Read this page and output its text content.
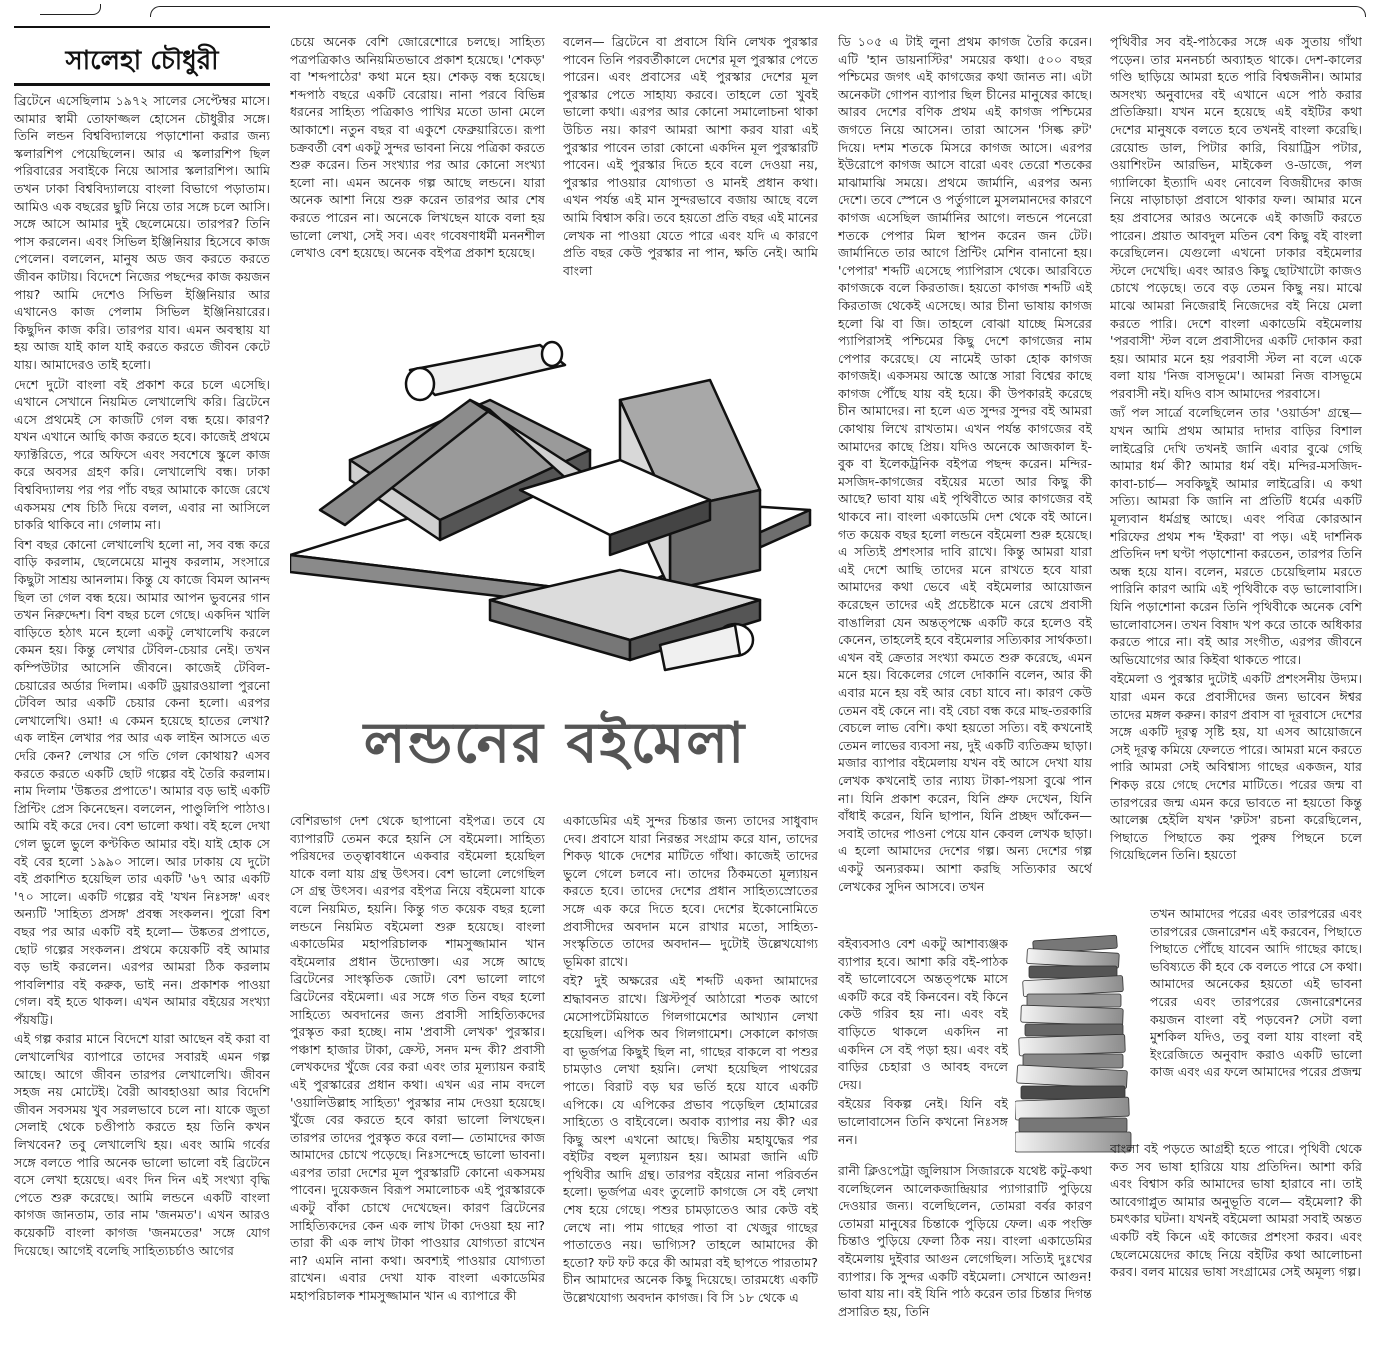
সালেহা চৌধুরী

ব্রিটেনে এসেছিলাম ১৯৭২ সালের সেপ্টেম্বর মাসে। আমার স্বামী তোফাজ্জল হোসেন চৌধুরীর সঙ্গে। তিনি লন্ডন বিশ্ববিদ্যালয়ে পড়াশোনা করার জন্য স্কলারশিপ পেয়েছিলেন। আর এ স্কলারশিপ ছিল পরিবারের সবাইকে নিয়ে আসার স্কলারশিপ। আমি তখন ঢাকা বিশ্ববিদ্যালয়ে বাংলা বিভাগে পড়াতাম। আমিও এক বছরের ছুটি নিয়ে তার সঙ্গে চলে আসি। সঙ্গে আসে আমার দুই ছেলেমেয়ে। তারপর? তিনি পাস করলেন। এবং সিভিল ইঞ্জিনিয়ার হিসেবে কাজ পেলেন। বললেন, মানুষ অড জব করতে করতে জীবন কাটায়। বিদেশে নিজের পছন্দের কাজ কয়জন পায়? আমি দেশেও সিভিল ইঞ্জিনিয়ার আর এখানেও কাজ পেলাম সিভিল ইঞ্জিনিয়ারের। কিছুদিন কাজ করি। তারপর যাব। এমন অবস্থায় যা হয় আজ যাই কাল যাই করতে করতে জীবন কেটে যায়। আমাদেরও তাই হলো।

দেশে দুটো বাংলা বই প্রকাশ করে চলে এসেছি। এখানে সেখানে নিয়মিত লেখালেখি করি। ব্রিটেনে এসে প্রথমেই সে কাজটি গেল বন্ধ হয়ে। কারণ? যখন এখানে আছি কাজ করতে হবে। কাজেই প্রথমে ফ্যাক্টরিতে, পরে অফিসে এবং সবশেষে স্কুলে কাজ করে অবসর গ্রহণ করি। লেখালেখি বন্ধ। ঢাকা বিশ্ববিদ্যালয় পর পর পাঁচ বছর আমাকে কাজে রেখে একসময় শেষ চিঠি দিয়ে বলল, এবার না আসিলে চাকরি থাকিবে না। গেলাম না।

বিশ বছর কোনো লেখালেখি হলো না, সব বন্ধ করে বাড়ি করলাম, ছেলেমেয়ে মানুষ করলাম, সংসারে কিছুটা সাশ্রয় আনলাম। কিন্তু যে কাজে বিমল আনন্দ ছিল তা গেল বন্ধ হয়ে। আমার আপন ভুবনের গান তখন নিরুদ্দেশ। বিশ বছর চলে গেছে। একদিন খালি বাড়িতে হঠাৎ মনে হলো একটু লেখালেখি করলে কেমন হয়। কিন্তু লেখার টেবিল-চেয়ার নেই। তখন কম্পিউটার আসেনি জীবনে। কাজেই টেবিল-চেয়ারের অর্ডার দিলাম। একটি ড্রয়ারওয়ালা পুরনো টেবিল আর একটি চেয়ার কেনা হলো। এরপর লেখালেখি। ওমা! এ কেমন হয়েছে হাতের লেখা? এক লাইন লেখার পর আর এক লাইন আসতে এত দেরি কেন? লেখার সে গতি গেল কোথায়? এসব করতে করতে একটি ছোট গল্পের বই তৈরি করলাম। নাম দিলাম 'উঙ্কতর প্রপাতে'। আমার বড় ভাই একটি প্রিন্টিং প্রেস কিনেছেন। বললেন, পাণ্ডুলিপি পাঠাও। আমি বই করে দেব। বেশ ভালো কথা। বই হলে দেখা গেল ভুলে ভুলে কণ্টকিত আমার বই। যাই হোক সে বই বের হলো ১৯৯০ সালে। আর ঢাকায় যে দুটো বই প্রকাশিত হয়েছিল তার একটি '৬৭ আর একটি '৭০ সালে। একটি গল্পের বই 'যখন নিঃসঙ্গ' এবং অন্যটি 'সাহিত্য প্রসঙ্গ' প্রবন্ধ সংকলন। পুরো বিশ বছর পর আর একটি বই হলো— উঙ্কতর প্রপাতে, ছোট গল্পের সংকলন। প্রথমে কয়েকটি বই আমার বড় ভাই করলেন। এরপর আমরা ঠিক করলাম পাবলিশার বই করুক, ভাই নন। প্রকাশক পাওয়া গেল। বই হতে থাকল। এখন আমার বইয়ের সংখ্যা পঁয়ষট্টি।

এই গল্প করার মানে বিদেশে যারা আছেন বই করা বা লেখালেখির ব্যাপারে তাদের সবারই এমন গল্প আছে। আগে জীবন তারপর লেখালেখি। জীবন সহজ নয় মোটেই। বৈরী আবহাওয়া আর বিদেশি জীবন সবসময় খুব সরলভাবে চলে না। যাকে জুতা সেলাই থেকে চণ্ডীপাঠ করতে হয় তিনি কখন লিখবেন? তবু লেখালেখি হয়। এবং আমি গর্বের সঙ্গে বলতে পারি অনেক ভালো ভালো বই ব্রিটেনে বসে লেখা হয়েছে। এবং দিন দিন এই সংখ্যা বৃদ্ধি পেতে শুরু করেছে। আমি লন্ডনে একটি বাংলা কাগজ জানতাম, তার নাম 'জনমত'। এখন আরও কয়েকটি বাংলা কাগজ 'জনমতের' সঙ্গে যোগ দিয়েছে। আগেই বলেছি সাহিত্যচর্চাও আগের

চেয়ে অনেক বেশি জোরেশোরে চলছে। সাহিত্য পত্রপত্রিকাও অনিয়মিতভাবে প্রকাশ হয়েছে। 'শেকড়' বা 'শব্দপাঠের' কথা মনে হয়। শেকড় বন্ধ হয়েছে। শব্দপাঠ বছরে একটি বেরোয়। নানা পরবে বিভিন্ন ধরনের সাহিত্য পত্রিকাও পাখির মতো ডানা মেলে আকাশে। নতুন বছর বা একুশে ফেব্রুয়ারিতে। রূপা চক্রবর্তী বেশ একটু সুন্দর ভাবনা নিয়ে পত্রিকা করতে শুরু করেন। তিন সংখ্যার পর আর কোনো সংখ্যা হলো না। এমন অনেক গল্প আছে লন্ডনে। যারা অনেক আশা নিয়ে শুরু করেন তারপর আর শেষ করতে পারেন না। অনেকে লিখছেন যাকে বলা হয় ভালো লেখা, সেই সব। এবং গবেষণাধর্মী মননশীল লেখাও বেশ হয়েছে। অনেক বইপত্র প্রকাশ হয়েছে।

বলেন— ব্রিটেনে বা প্রবাসে যিনি লেখক পুরস্কার পাবেন তিনি পরবর্তীকালে দেশের মূল পুরস্কার পেতে পারেন। এবং প্রবাসের এই পুরস্কার দেশের মূল পুরস্কার পেতে সাহায্য করবে। তাহলে তো খুবই ভালো কথা। এরপর আর কোনো সমালোচনা থাকা উচিত নয়। কারণ আমরা আশা করব যারা এই পুরস্কার পাবেন তারা কোনো একদিন মূল পুরস্কারটি পাবেন। এই পুরস্কার দিতে হবে বলে দেওয়া নয়, পুরস্কার পাওয়ার যোগ্যতা ও মানই প্রধান কথা। এখন পর্যন্ত এই মান সুন্দরভাবে বজায় আছে বলে আমি বিশ্বাস করি। তবে হয়তো প্রতি বছর এই মানের লেখক না পাওয়া যেতে পারে এবং যদি এ কারণে প্রতি বছর কেউ পুরস্কার না পান, ক্ষতি নেই। আমি বাংলা

লন্ডনের বইমেলা

বেশিরভাগ দেশ থেকে ছাপানো বইপত্র। তবে যে ব্যাপারটি তেমন করে হয়নি সে বইমেলা। সাহিত্য পরিষদের তত্ত্বাবধানে একবার বইমেলা হয়েছিল যাকে বলা যায় গ্রন্থ উৎসব। বেশ ভালো লেগেছিল সে গ্রন্থ উৎসব। এরপর বইপত্র নিয়ে বইমেলা যাকে বলে নিয়মিত, হয়নি। কিন্তু গত কয়েক বছর হলো লন্ডনে নিয়মিত বইমেলা শুরু হয়েছে। বাংলা একাডেমির মহাপরিচালক শামসুজ্জামান খান বইমেলার প্রধান উদ্যোক্তা। এর সঙ্গে আছে ব্রিটেনের সাংস্কৃতিক জোট। বেশ ভালো লাগে ব্রিটেনের বইমেলা। এর সঙ্গে গত তিন বছর হলো সাহিত্যে অবদানের জন্য প্রবাসী সাহিত্যিকদের পুরস্কৃত করা হচ্ছে। নাম 'প্রবাসী লেখক' পুরস্কার। পঞ্চাশ হাজার টাকা, ক্রেস্ট, সনদ মন্দ কী? প্রবাসী লেখকদের খুঁজে বের করা এবং তার মূল্যায়ন করাই এই পুরস্কারের প্রধান কথা। এখন এর নাম বদলে 'ওয়ালিউল্লাহ সাহিত্য' পুরস্কার নাম দেওয়া হয়েছে। খুঁজে বের করতে হবে কারা ভালো লিখছেন। তারপর তাদের পুরস্কৃত করে বলা— তোমাদের কাজ আমাদের চোখে পড়েছে। নিঃসন্দেহে ভালো ভাবনা। এরপর তারা দেশের মূল পুরস্কারটি কোনো একসময় পাবেন। দুয়েকজন বিরূপ সমালোচক এই পুরস্কারকে একটু বাঁকা চোখে দেখেছেন। কারণ ব্রিটেনের সাহিত্যিকদের কেন এক লাখ টাকা দেওয়া হয় না? তারা কী এক লাখ টাকা পাওয়ার যোগ্যতা রাখেন না? এমনি নানা কথা। অবশ্যই পাওয়ার যোগ্যতা রাখেন। এবার দেখা যাক বাংলা একাডেমির মহাপরিচালক শামসুজ্জামান খান এ ব্যাপারে কী

একাডেমির এই সুন্দর চিন্তার জন্য তাদের সাধুবাদ দেব। প্রবাসে যারা নিরন্তর সংগ্রাম করে যান, তাদের শিকড় থাকে দেশের মাটিতে গাঁথা। কাজেই তাদের ভুলে গেলে চলবে না। তাদের ঠিকমতো মূল্যায়ন করতে হবে। তাদের দেশের প্রধান সাহিত্যস্রোতের সঙ্গে এক করে দিতে হবে। দেশের ইকোনোমিতে প্রবাসীদের অবদান মনে রাখার মতো, সাহিত্য-সংস্কৃতিতে তাদের অবদান— দুটোই উল্লেখযোগ্য ভূমিকা রাখে।

বই? দুই অক্ষরের এই শব্দটি একদা আমাদের শ্রদ্ধাবনত রাখে। খ্রিস্টপূর্ব আঠারো শতক আগে মেসোপটেমিয়াতে গিলগামেশের আখ্যান লেখা হয়েছিল। এপিক অব গিলগামেশ। সেকালে কাগজ বা ভূর্জপত্র কিছুই ছিল না, গাছের বাকলে বা পশুর চামড়াও লেখা হয়নি। লেখা হয়েছিল পাথরের পাতে। বিরাট বড় ঘর ভর্তি হয়ে যাবে একটি এপিকে। যে এপিকের প্রভাব পড়েছিল হোমারের সাহিত্যে ও বাইবেলে। অবাক ব্যাপার নয় কী? এর কিছু অংশ এখনো আছে। দ্বিতীয় মহাযুদ্ধের পর বইটির বহুল মূল্যায়ন হয়। আমরা জানি এটি পৃথিবীর আদি গ্রন্থ। তারপর বইয়ের নানা পরিবর্তন হলো। ভূর্জপত্র এবং তুলোট কাগজে সে বই লেখা শেষ হয়ে গেছে। পশুর চামড়াতেও আর কেউ বই লেখে না। পাম গাছের পাতা বা খেজুর গাছের পাতাতেও নয়। ভাগ্যিস? তাহলে আমাদের কী হতো? ফট ফট করে কী আমরা বই ছাপতে পারতাম? চীন আমাদের অনেক কিছু দিয়েছে। তারমধ্যে একটি উল্লেখযোগ্য অবদান কাগজ। বি সি ১৮ থেকে এ

ডি ১০৫ এ টাই লুনা প্রথম কাগজ তৈরি করেন। এটি 'হান ডায়নাস্টির' সময়ের কথা। ৫০০ বছর পশ্চিমের জগৎ এই কাগজের কথা জানত না। এটা অনেকটা গোপন ব্যাপার ছিল চীনের মানুষের কাছে। আরব দেশের বণিক প্রথম এই কাগজ পশ্চিমের জগতে নিয়ে আসেন। তারা আসেন 'সিল্ক রুট' দিয়ে। দশম শতকে মিসরে কাগজ আসে। এরপর ইউরোপে কাগজ আসে বারো এবং তেরো শতকের মাঝামাঝি সময়ে। প্রথমে জার্মানি, এরপর অন্য দেশে। তবে স্পেনে ও পর্তুগালে মুসলমানদের কারণে কাগজ এসেছিল জার্মানির আগে। লন্ডনে পনেরো শতকে পেপার মিল স্থাপন করেন জন টেট। জার্মানিতে তার আগে প্রিন্টিং মেশিন বানানো হয়। 'পেপার' শব্দটি এসেছে প্যাপিরাস থেকে। আরবিতে কাগজকে বলে কিরতাজ। হয়তো কাগজ শব্দটি এই কিরতাজ থেকেই এসেছে। আর চীনা ভাষায় কাগজ হলো ঝি বা জি। তাহলে বোঝা যাচ্ছে মিসরের প্যাপিরাসই পশ্চিমের কিছু দেশে কাগজের নাম পেপার করেছে। যে নামেই ডাকা হোক কাগজ কাগজই। একসময় আস্তে আস্তে সারা বিশ্বের কাছে কাগজ পৌঁছে যায় বই হয়ে। কী উপকারই করেছে চীন আমাদের। না হলে এত সুন্দর সুন্দর বই আমরা কোথায় লিখে রাখতাম। এখন পর্যন্ত কাগজের বই আমাদের কাছে প্রিয়। যদিও অনেকে আজকাল ই-বুক বা ইলেকট্রনিক বইপত্র পছন্দ করেন। মন্দির-মসজিদ-কাগজের বইয়ের মতো আর কিছু কী আছে? ভাবা যায় এই পৃথিবীতে আর কাগজের বই থাকবে না। বাংলা একাডেমি দেশ থেকে বই আনে। গত কয়েক বছর হলো লন্ডনে বইমেলা শুরু হয়েছে। এ সত্যিই প্রশংসার দাবি রাখে। কিন্তু আমরা যারা এই দেশে আছি তাদের মনে রাখতে হবে যারা আমাদের কথা ভেবে এই বইমেলার আয়োজন করেছেন তাদের এই প্রচেষ্টাকে মনে রেখে প্রবাসী বাঙালিরা যেন অন্তত্পক্ষে একটি করে হলেও বই কেনেন, তাহলেই হবে বইমেলার সত্যিকার সার্থকতা। এখন বই ক্রেতার সংখ্যা কমতে শুরু করেছে, এমন মনে হয়। বিকেলের গেলে দোকানি বলেন, আর কী এবার মনে হয় বই আর বেচা যাবে না। কারণ কেউ তেমন বই কেনে না। বই বেচা বন্ধ করে মাছ-তরকারি বেচলে লাভ বেশি। কথা হয়তো সত্যি। বই কখনোই তেমন লাভের ব্যবসা নয়, দুই একটি ব্যতিক্রম ছাড়া। মজার ব্যাপার বইমেলায় যখন বই আসে দেখা যায় লেখক কখনোই তার ন্যায্য টাকা-পয়সা বুঝে পান না। যিনি প্রকাশ করেন, যিনি প্রুফ দেখেন, যিনি বাঁধাই করেন, যিনি ছাপান, যিনি প্রচ্ছদ আঁকেন— সবাই তাদের পাওনা পেয়ে যান কেবল লেখক ছাড়া। এ হলো আমাদের দেশের গল্প। অন্য দেশের গল্প একটু অন্যরকম। আশা করছি সত্যিকার অর্থে লেখকের সুদিন আসবে। তখন

বইব্যবসাও বেশ একটু আশাব্যঞ্জক ব্যাপার হবে। আশা করি বই-পাঠক বই ভালোবেসে অন্তত্পক্ষে মাসে একটি করে বই কিনবেন। বই কিনে কেউ গরিব হয় না। এবং বই বাড়িতে থাকলে একদিন না একদিন সে বই পড়া হয়। এবং বই বাড়ির চেহারা ও আবহ বদলে দেয়।

বইয়ের বিকল্প নেই। যিনি বই ভালোবাসেন তিনি কখনো নিঃসঙ্গ নন।

রানী ক্লিওপেট্রা জুলিয়াস সিজারকে যথেষ্ট কটু-কথা বলেছিলেন আলেকজান্দ্রিয়ার প্যাগারাটি পুড়িয়ে দেওয়ার জন্য। বলেছিলেন, তোমরা বর্বর কারণ তোমরা মানুষের চিন্তাকে পুড়িয়ে ফেল। এক পংক্তি চিন্তাও পুড়িয়ে ফেলা ঠিক নয়। বাংলা একাডেমির বইমেলায় দুইবার আগুন লেগেছিল। সত্যিই দুঃখের ব্যাপার। কি সুন্দর একটি বইমেলা। সেখানে আগুন! ভাবা যায় না। বই যিনি পাঠ করেন তার চিন্তার দিগন্ত প্রসারিত হয়, তিনি

পৃথিবীর সব বই-পাঠকের সঙ্গে এক সুতায় গাঁথা পড়েন। তার মননচর্চা অব্যাহত থাকে। দেশ-কালের গণ্ডি ছাড়িয়ে আমরা হতে পারি বিশ্বজনীন। আমার অসংখ্য অনুবাদের বই এখানে এসে পাঠ করার প্রতিক্রিয়া। যখন মনে হয়েছে এই বইটির কথা দেশের মানুষকে বলতে হবে তখনই বাংলা করেছি। রেয়োন্ড ডাল, পিটার কারি, বিয়াট্রিস পটার, ওয়াশিংটন আরভিন, মাইকেল ও-ডাজে, পল গ্যালিকো ইত্যাদি এবং নোবেল বিজয়ীদের কাজ নিয়ে নাড়াচাড়া প্রবাসে থাকার ফল। আমার মনে হয় প্রবাসের আরও অনেকে এই কাজটি করতে পারেন। প্রয়াত আবদুল মতিন বেশ কিছু বই বাংলা করেছিলেন। যেগুলো এখনো ঢাকার বইমেলার স্টলে দেখেছি। এবং আরও কিছু ছোটখাটো কাজও চোখে পড়েছে। তবে বড় তেমন কিছু নয়। মাঝে মাঝে আমরা নিজেরাই নিজেদের বই নিয়ে মেলা করতে পারি। দেশে বাংলা একাডেমি বইমেলায় 'পরবাসী' স্টল বলে প্রবাসীদের একটি দোকান করা হয়। আমার মনে হয় পরবাসী স্টল না বলে একে বলা যায় 'নিজ বাসভূমে'। আমরা নিজ বাসভূমে পরবাসী নই। যদিও বাস আমাদের পরবাসে।

জ্যঁ পল সার্ত্রে বলেছিলেন তার 'ওয়ার্ডস' গ্রন্থে— যখন আমি প্রথম আমার দাদার বাড়ির বিশাল লাইব্রেরি দেখি তখনই জানি এবার বুঝে গেছি আমার ধর্ম কী? আমার ধর্ম বই। মন্দির-মসজিদ-কাবা-চার্চ— সবকিছুই আমার লাইব্রেরি। এ কথা সত্যি। আমরা কি জানি না প্রতিটি ধর্মের একটি মূল্যবান ধর্মগ্রন্থ আছে। এবং পবিত্র কোরআন শরিফের প্রথম শব্দ 'ইকরা' বা পড়। এই দার্শনিক প্রতিদিন দশ ঘণ্টা পড়াশোনা করতেন, তারপর তিনি অন্ধ হয়ে যান। বলেন, মরতে চেয়েছিলাম মরতে পারিনি কারণ আমি এই পৃথিবীকে বড় ভালোবাসি। যিনি পড়াশোনা করেন তিনি পৃথিবীকে অনেক বেশি ভালোবাসেন। তখন বিষাদ খপ করে তাকে অধিকার করতে পারে না। বই আর সংগীত, এরপর জীবনে অভিযোগের আর কিইবা থাকতে পারে।

বইমেলা ও পুরস্কার দুটোই একটি প্রশংসনীয় উদ্যম। যারা এমন করে প্রবাসীদের জন্য ভাবেন ঈশ্বর তাদের মঙ্গল করুন। কারণ প্রবাস বা দূরবাসে দেশের সঙ্গে একটি দূরত্ব সৃষ্টি হয়, যা এসব আয়োজনে সেই দূরত্ব কমিয়ে ফেলতে পারে। আমরা মনে করতে পারি আমরা সেই অবিশ্বাস্য গাছের একজন, যার শিকড় রয়ে গেছে দেশের মাটিতে। পরের জন্ম বা তারপরের জন্ম এমন করে ভাবতে না হয়তো কিন্তু আলেক্স হেইলি যখন 'রুটস' রচনা করেছিলেন, পিছাতে পিছাতে কয় পুরুষ পিছনে চলে গিয়েছিলেন তিনি। হয়তো

তখন আমাদের পরের এবং তারপরের এবং তারপরের জেনারেশন এই করবেন, পিছাতে পিছাতে পৌঁছে যাবেন আদি গাছের কাছে। ভবিষ্যতে কী হবে কে বলতে পারে সে কথা। আমাদের অনেকের হয়তো এই ভাবনা পরের এবং তারপরের জেনারেশনের কয়জন বাংলা বই পড়বেন? সেটা বলা মুশকিল যদিও, তবু বলা যায় বাংলা বই ইংরেজিতে অনুবাদ করাও একটি ভালো কাজ এবং এর ফলে আমাদের পরের প্রজন্ম

বাংলা বই পড়তে আগ্রহী হতে পারে। পৃথিবী থেকে কত সব ভাষা হারিয়ে যায় প্রতিদিন। আশা করি এবং বিশ্বাস করি আমাদের ভাষা হারাবে না। তাই আবেগাপ্লুত আমার অনুভূতি বলে— বইমেলা? কী চমৎকার ঘটনা। যখনই বইমেলা আমরা সবাই অন্তত একটি বই কিনে এই কাজের প্রশংসা করব। এবং ছেলেমেয়েদের কাছে নিয়ে বইটির কথা আলোচনা করব। বলব মায়ের ভাষা সংগ্রামের সেই অমূল্য গল্প।
